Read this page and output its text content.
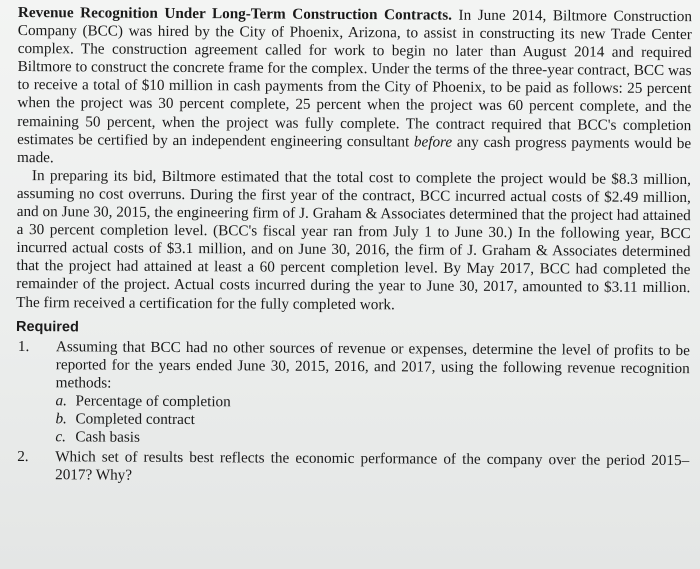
Revenue Recognition Under Long-Term Construction Contracts. In June 2014, Biltmore Construction Company (BCC) was hired by the City of Phoenix, Arizona, to assist in constructing its new Trade Center complex. The construction agreement called for work to begin no later than August 2014 and required Biltmore to construct the concrete frame for the complex. Under the terms of the three-year contract, BCC was to receive a total of $10 million in cash payments from the City of Phoenix, to be paid as follows: 25 percent when the project was 30 percent complete, 25 percent when the project was 60 percent complete, and the remaining 50 percent, when the project was fully complete. The contract required that BCC's completion estimates be certified by an independent engineering consultant before any cash progress payments would be made.

In preparing its bid, Biltmore estimated that the total cost to complete the project would be $8.3 million, assuming no cost overruns. During the first year of the contract, BCC incurred actual costs of $2.49 million, and on June 30, 2015, the engineering firm of J. Graham & Associates determined that the project had attained a 30 percent completion level. (BCC's fiscal year ran from July 1 to June 30.) In the following year, BCC incurred actual costs of $3.1 million, and on June 30, 2016, the firm of J. Graham & Associates determined that the project had attained at least a 60 percent completion level. By May 2017, BCC had completed the remainder of the project. Actual costs incurred during the year to June 30, 2017, amounted to $3.11 million. The firm received a certification for the fully completed work.

Required
1.	Assuming that BCC had no other sources of revenue or expenses, determine the level of profits to be reported for the years ended June 30, 2015, 2016, and 2017, using the following revenue recognition methods:
a. Percentage of completion
b. Completed contract
c. Cash basis
2.	Which set of results best reflects the economic performance of the company over the period 2015–2017? Why?
